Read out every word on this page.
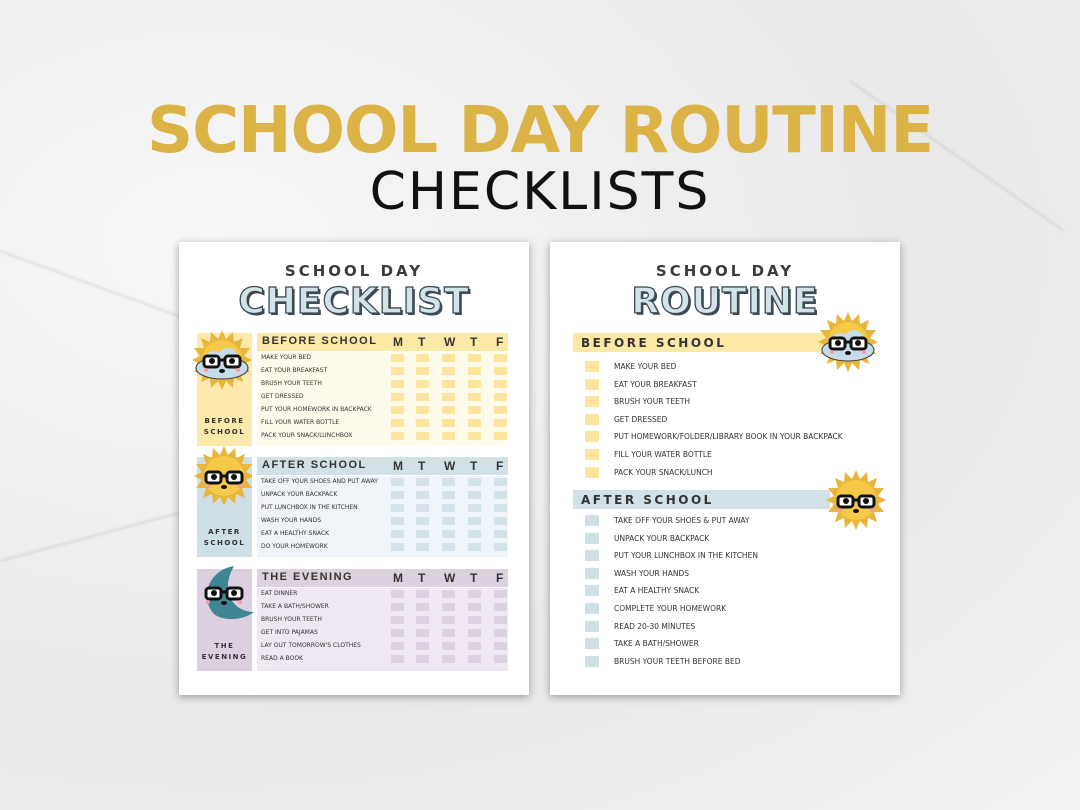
SCHOOL DAY ROUTINE
CHECKLISTS
SCHOOL DAY
CHECKLIST
SCHOOL DAY
ROUTINE
BEFORE
SCHOOL
BEFORE SCHOOL M T W T F
MAKE YOUR BED
EAT YOUR BREAKFAST
BRUSH YOUR TEETH
GET DRESSED
PUT YOUR HOMEWORK IN BACKPACK
FILL YOUR WATER BOTTLE
PACK YOUR SNACK/LUNCHBOX
AFTER
SCHOOL
AFTER SCHOOL M T W T F
TAKE OFF YOUR SHOES AND PUT AWAY
UNPACK YOUR BACKPACK
PUT LUNCHBOX IN THE KITCHEN
WASH YOUR HANDS
EAT A HEALTHY SNACK
DO YOUR HOMEWORK
THE
EVENING
THE EVENING	M T W T F
EAT DINNER
TAKE A BATH/SHOWER
BRUSH YOUR TEETH
GET INTO PAJAMAS
LAY OUT TOMORROW'S CLOTHES
READ A BOOK
BEFORE SCHOOL
MAKE YOUR BED
EAT YOUR BREAKFAST
BRUSH YOUR TEETH
GET DRESSED
PUT HOMEWORK/FOLDER/LIBRARY BOOK IN YOUR BACKPACK
FILL YOUR WATER BOTTLE
PACK YOUR SNACK/LUNCH
AFTER SCHOOL
TAKE OFF YOUR SHOES & PUT AWAY
UNPACK YOUR BACKPACK
PUT YOUR LUNCHBOX IN THE KITCHEN
WASH YOUR HANDS
EAT A HEALTHY SNACK
COMPLETE YOUR HOMEWORK
READ 20-30 MINUTES
TAKE A BATH/SHOWER
BRUSH YOUR TEETH BEFORE BED
